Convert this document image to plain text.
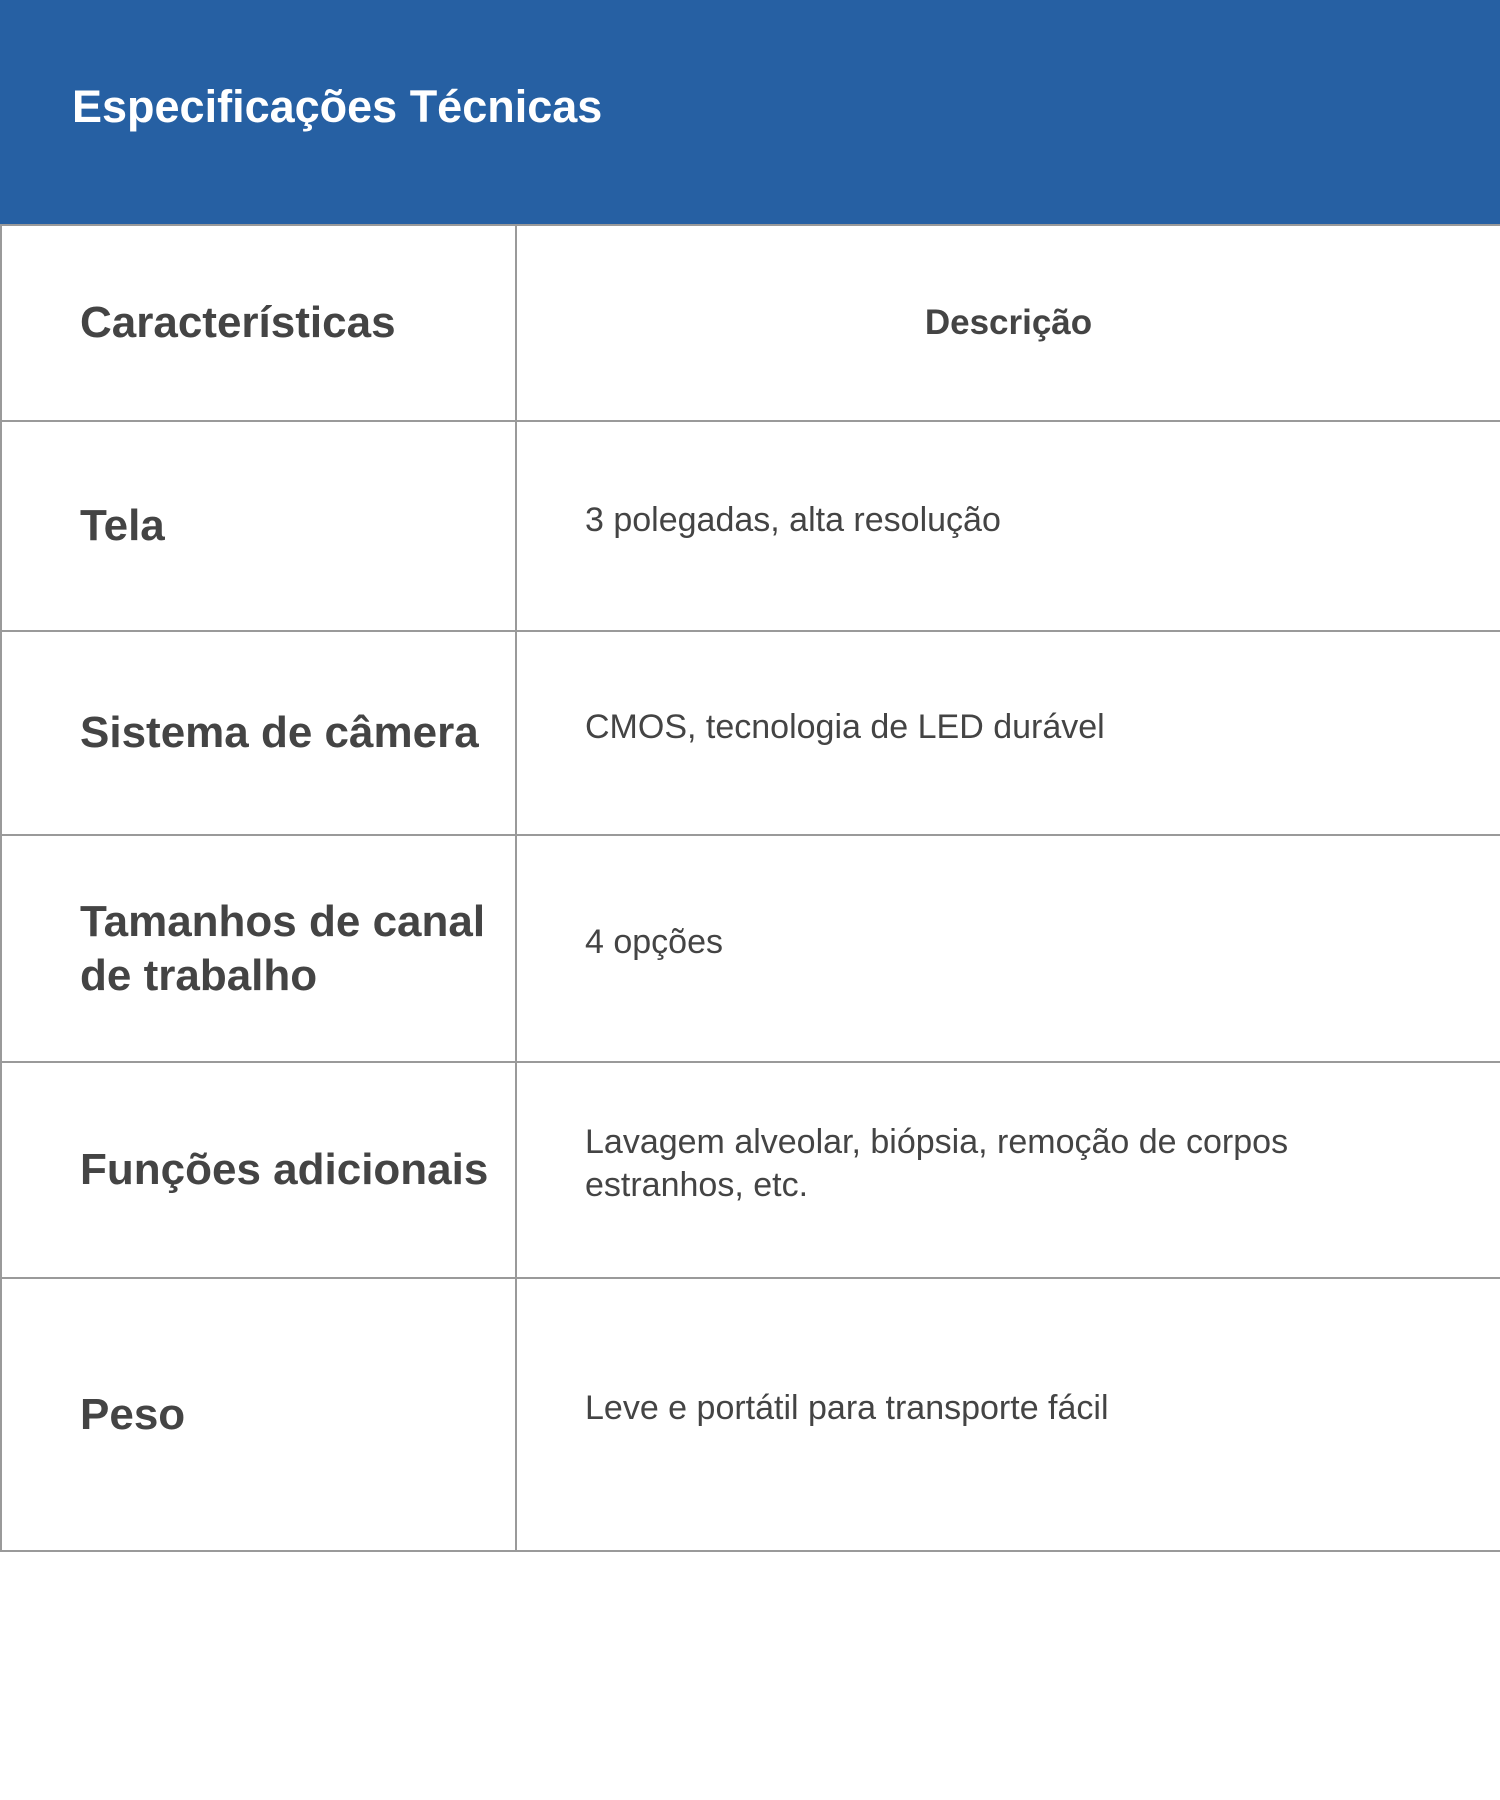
Especificações Técnicas
Características	Descrição

Tela	3 polegadas, alta resolução

Sistema de câmera	CMOS, tecnologia de LED durável

Tamanhos de canal de trabalho	4 opções

Funções adicionais	Lavagem alveolar, biópsia, remoção de corpos estranhos, etc.

Peso	Leve e portátil para transporte fácil
